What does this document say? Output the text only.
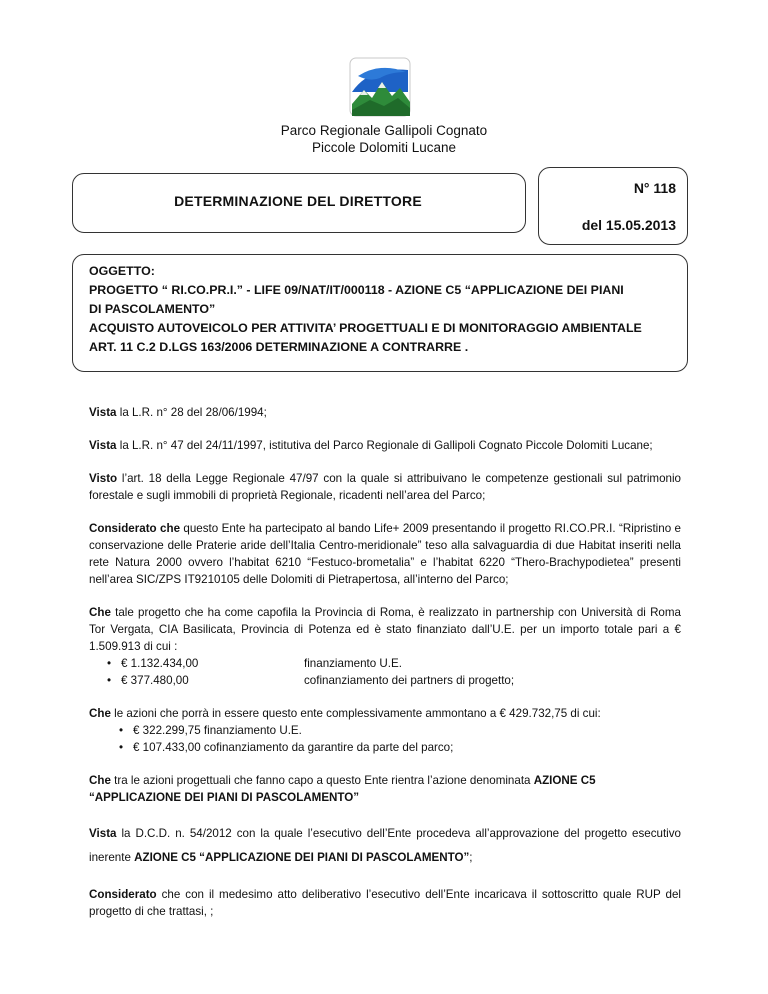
Parco Regionale Gallipoli Cognato
Piccole Dolomiti Lucane
DETERMINAZIONE DEL DIRETTORE
N° 118
del 15.05.2013
OGGETTO:
PROGETTO “ RI.CO.PR.I.” - LIFE 09/NAT/IT/000118 - AZIONE C5 “APPLICAZIONE DEI PIANI
DI PASCOLAMENTO”
ACQUISTO AUTOVEICOLO PER ATTIVITA’ PROGETTUALI E DI MONITORAGGIO AMBIENTALE
ART. 11 C.2 D.LGS 163/2006 DETERMINAZIONE A CONTRARRE .

Vista la L.R. n° 28 del 28/06/1994;

Vista la L.R. n° 47 del 24/11/1997, istitutiva del Parco Regionale di Gallipoli Cognato Piccole Dolomiti Lucane;

Visto l’art. 18 della Legge Regionale 47/97 con la quale si attribuivano le competenze gestionali sul patrimonio forestale e sugli immobili di proprietà Regionale, ricadenti nell’area del Parco;

Considerato che questo Ente ha partecipato al bando Life+ 2009 presentando il progetto RI.CO.PR.I. “Ripristino e conservazione delle Praterie aride dell’Italia Centro-meridionale” teso alla salvaguardia di due Habitat inseriti nella rete Natura 2000 ovvero l’habitat 6210 “Festuco-brometalia” e l’habitat 6220 “Thero-Brachypodietea” presenti nell’area SIC/ZPS IT9210105 delle Dolomiti di Pietrapertosa, all’interno del Parco;

Che tale progetto che ha come capofila la Provincia di Roma, è realizzato in partnership con Università di Roma Tor Vergata, CIA Basilicata, Provincia di Potenza ed è stato finanziato dall’U.E. per un importo totale pari a € 1.509.913 di cui :

• € 1.132.434,00	finanziamento U.E.
• € 377.480,00	cofinanziamento dei partners di progetto;

Che le azioni che porrà in essere questo ente complessivamente ammontano a € 429.732,75 di cui:

• € 322.299,75 finanziamento U.E.
• € 107.433,00 cofinanziamento da garantire da parte del parco;

Che tra le azioni progettuali che fanno capo a questo Ente rientra l’azione denominata AZIONE C5
“APPLICAZIONE DEI PIANI DI PASCOLAMENTO”

Vista la D.C.D. n. 54/2012 con la quale l’esecutivo dell’Ente procedeva all’approvazione del progetto esecutivo inerente AZIONE C5 “APPLICAZIONE DEI PIANI DI PASCOLAMENTO”;

Considerato che con il medesimo atto deliberativo l’esecutivo dell’Ente incaricava il sottoscritto quale RUP del progetto di che trattasi, ;
